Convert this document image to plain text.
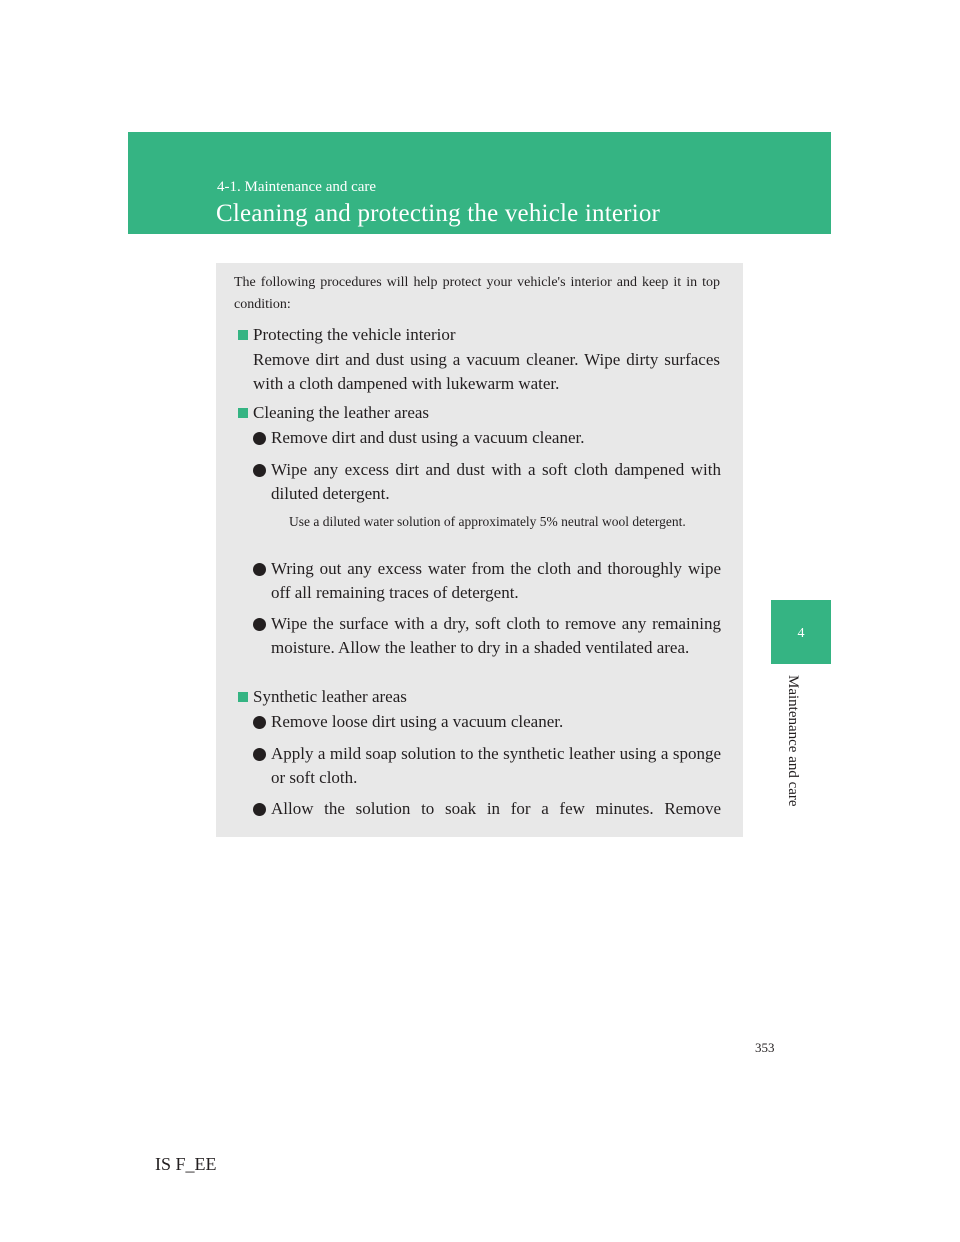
4-1. Maintenance and care
Cleaning and protecting the vehicle interior
4
Maintenance and care
The following procedures will help protect your vehicle's interior and keep it in top condition:
Protecting the vehicle interior
Remove dirt and dust using a vacuum cleaner. Wipe dirty surfaces with a cloth dampened with lukewarm water.
Cleaning the leather areas
Remove dirt and dust using a vacuum cleaner.
Wipe any excess dirt and dust with a soft cloth dampened with diluted detergent.
Use a diluted water solution of approximately 5% neutral wool detergent.
Wring out any excess water from the cloth and thoroughly wipe off all remaining traces of detergent.
Wipe the surface with a dry, soft cloth to remove any remaining moisture. Allow the leather to dry in a shaded ventilated area.
Synthetic leather areas
Remove loose dirt using a vacuum cleaner.
Apply a mild soap solution to the synthetic leather using a sponge or soft cloth.
Allow the solution to soak in for a few minutes. Remove
353
IS F_EE
